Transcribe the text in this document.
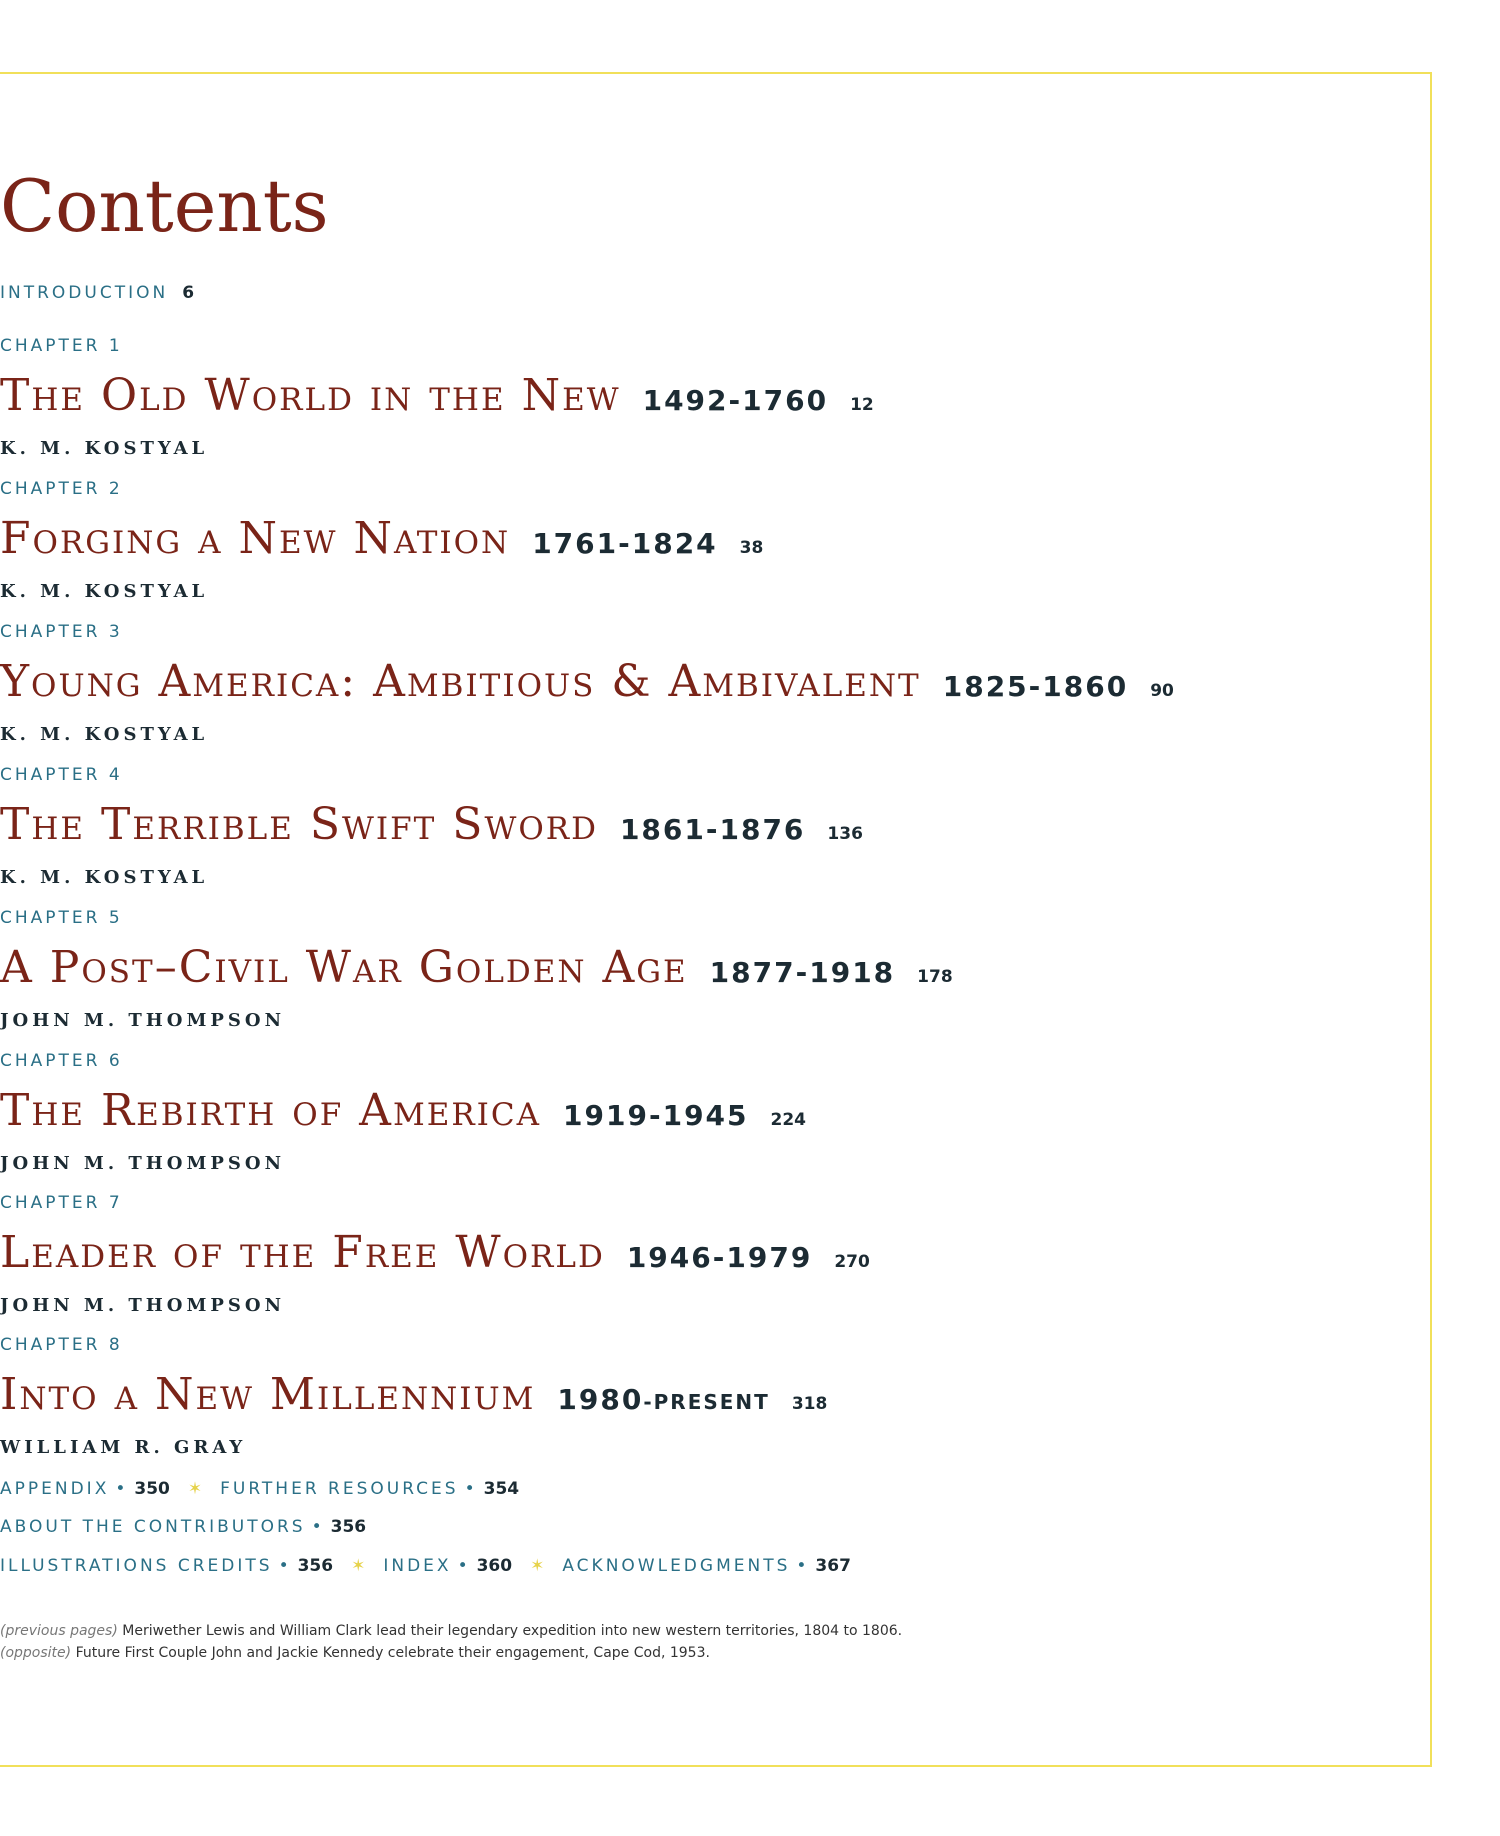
Contents
INTRODUCTION 6
CHAPTER 1
The Old World in the New 1492-1760 12
K. M. KOSTYAL
CHAPTER 2
Forging a New Nation 1761-1824 38
K. M. KOSTYAL
CHAPTER 3
Young America: Ambitious & Ambivalent 1825-1860 90
K. M. KOSTYAL
CHAPTER 4
The Terrible Swift Sword 1861-1876 136
K. M. KOSTYAL
CHAPTER 5
A Post–Civil War Golden Age 1877-1918 178
JOHN M. THOMPSON
CHAPTER 6
The Rebirth of America 1919-1945 224
JOHN M. THOMPSON
CHAPTER 7
Leader of the Free World 1946-1979 270
JOHN M. THOMPSON
CHAPTER 8
Into a New Millennium 1980-PRESENT 318
WILLIAM R. GRAY
APPENDIX • 350 ✶ FURTHER RESOURCES • 354
ABOUT THE CONTRIBUTORS • 356
ILLUSTRATIONS CREDITS • 356 ✶ INDEX • 360 ✶ ACKNOWLEDGMENTS • 367
(previous pages) Meriwether Lewis and William Clark lead their legendary expedition into new western territories, 1804 to 1806.
(opposite) Future First Couple John and Jackie Kennedy celebrate their engagement, Cape Cod, 1953.
